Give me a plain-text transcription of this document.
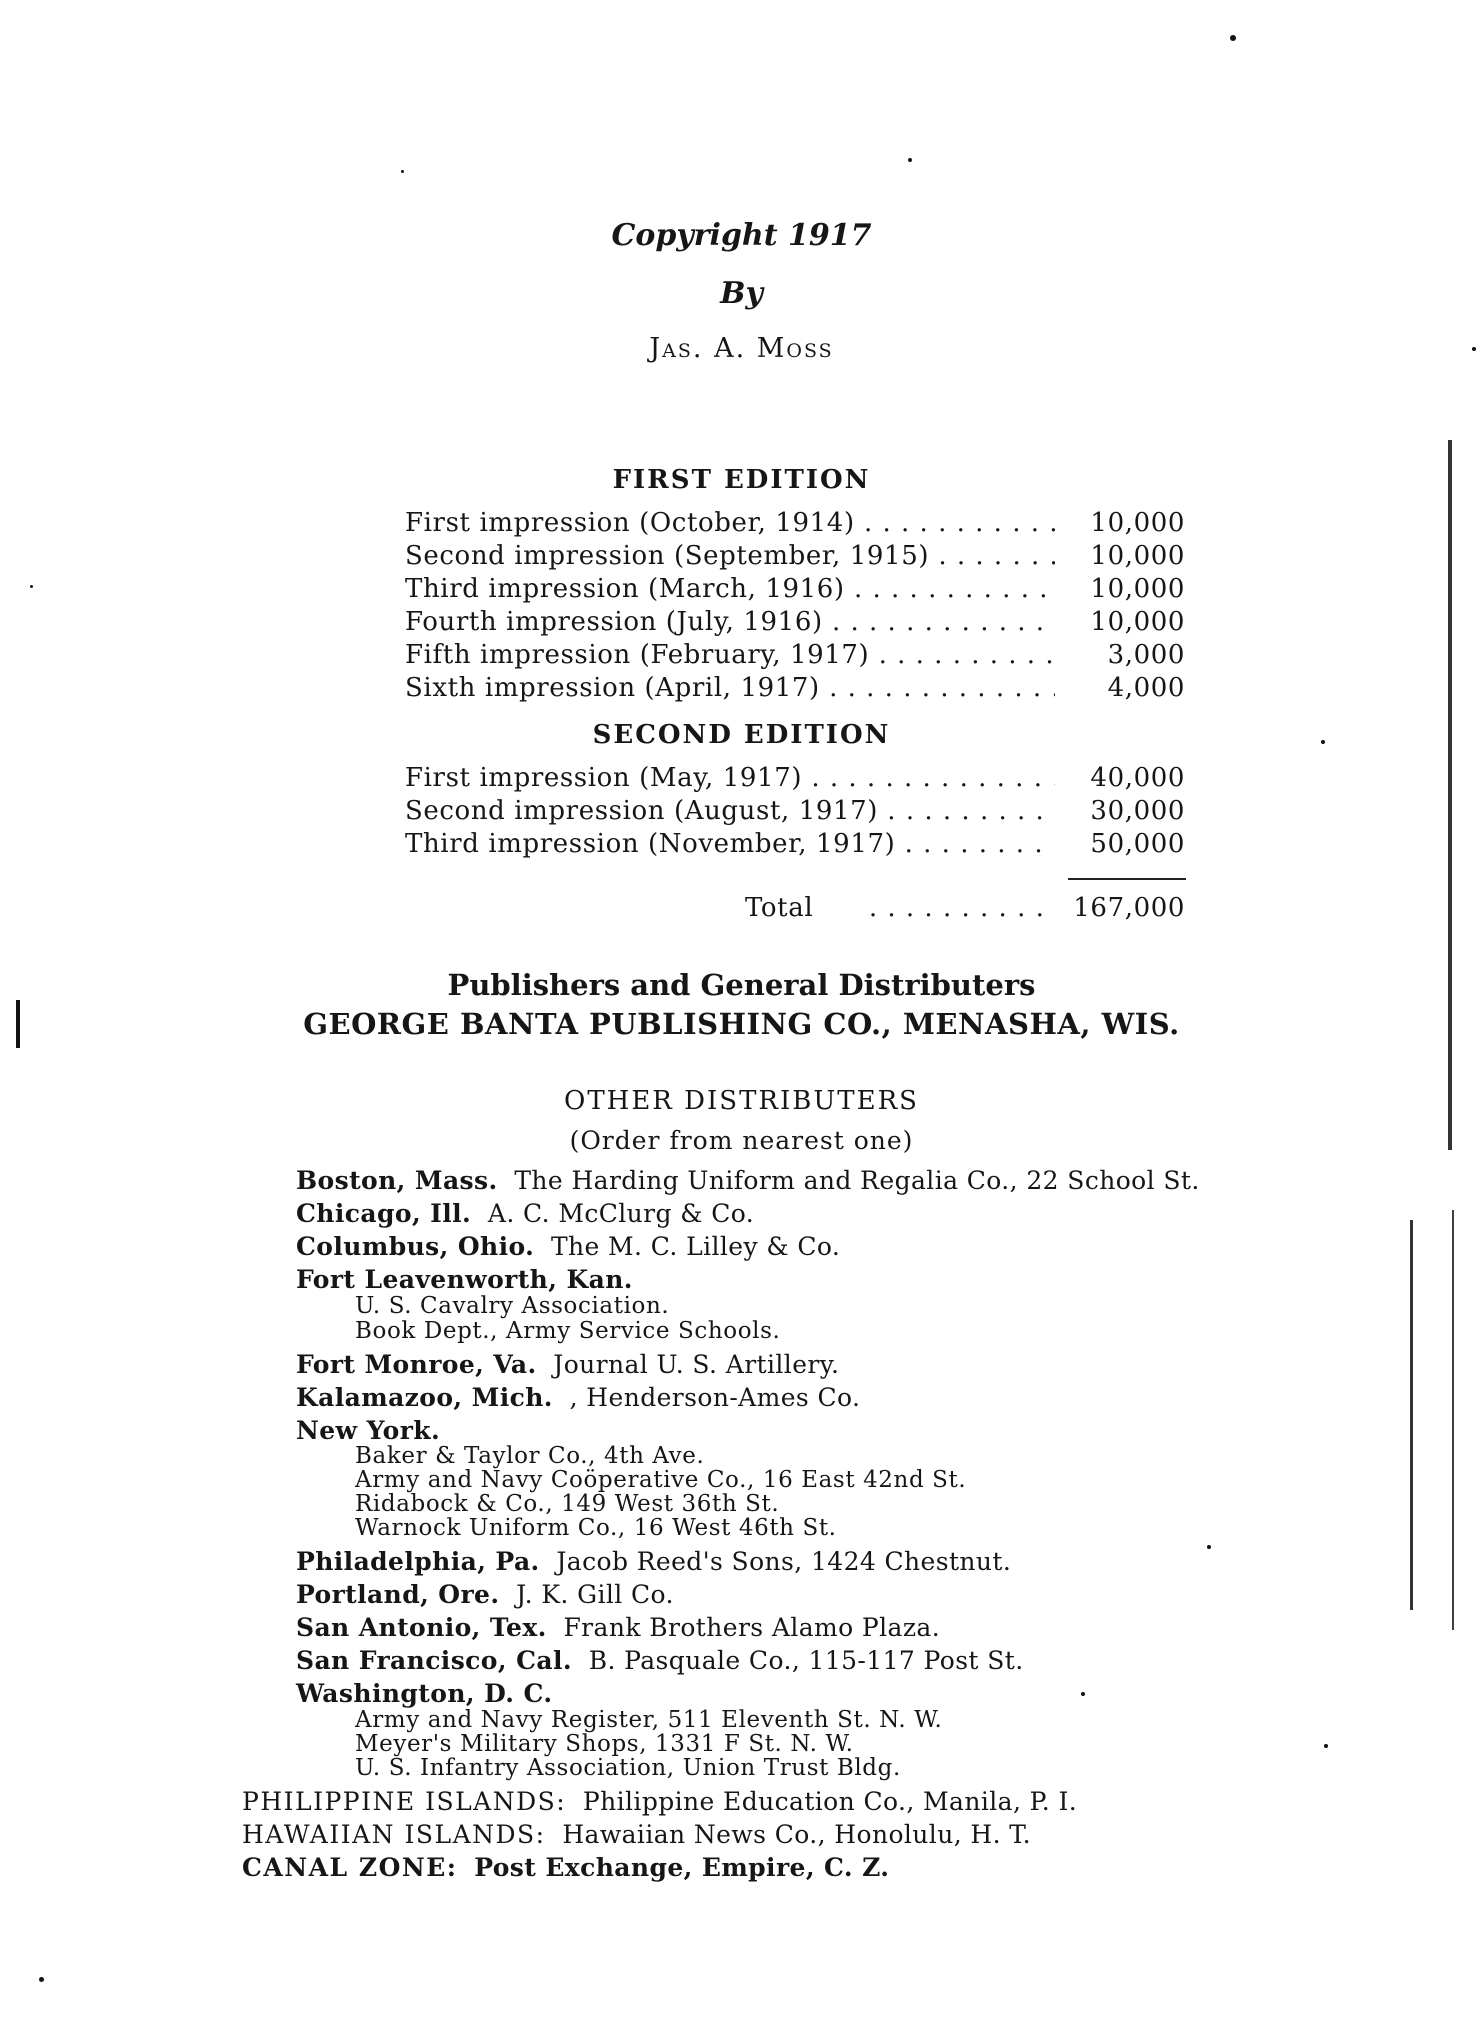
Copyright 1917
By
Jas. A. Moss
FIRST EDITION
First impression (October, 1914) . . .	10,000
Second impression (September, 1915) . . .	10,000
Third impression (March, 1916) . . .	10,000
Fourth impression (July, 1916) . . .	10,000
Fifth impression (February, 1917) . . .	3,000
Sixth impression (April, 1917) . . .	4,000
SECOND EDITION
First impression (May, 1917) . . .	40,000
Second impression (August, 1917) . . .	30,000
Third impression (November, 1917) . . .	50,000
Total . . .	167,000
Publishers and General Distributers
GEORGE BANTA PUBLISHING CO., MENASHA, WIS.
OTHER DISTRIBUTERS
(Order from nearest one)
Boston, Mass. The Harding Uniform and Regalia Co., 22 School St.
Chicago, Ill. A. C. McClurg & Co.
Columbus, Ohio. The M. C. Lilley & Co.
Fort Leavenworth, Kan.
U. S. Cavalry Association.
Book Dept., Army Service Schools.
Fort Monroe, Va. Journal U. S. Artillery.
Kalamazoo, Mich. , Henderson-Ames Co.
New York.
Baker & Taylor Co., 4th Ave.
Army and Navy Coöperative Co., 16 East 42nd St.
Ridabock & Co., 149 West 36th St.
Warnock Uniform Co., 16 West 46th St.
Philadelphia, Pa. Jacob Reed's Sons, 1424 Chestnut.
Portland, Ore. J. K. Gill Co.
San Antonio, Tex. Frank Brothers Alamo Plaza.
San Francisco, Cal. B. Pasquale Co., 115-117 Post St.
Washington, D. C.
Army and Navy Register, 511 Eleventh St. N. W.
Meyer's Military Shops, 1331 F St. N. W.
U. S. Infantry Association, Union Trust Bldg.
PHILIPPINE ISLANDS: Philippine Education Co., Manila, P. I.
HAWAIIAN ISLANDS: Hawaiian News Co., Honolulu, H. T.
CANAL ZONE: Post Exchange, Empire, C. Z.
